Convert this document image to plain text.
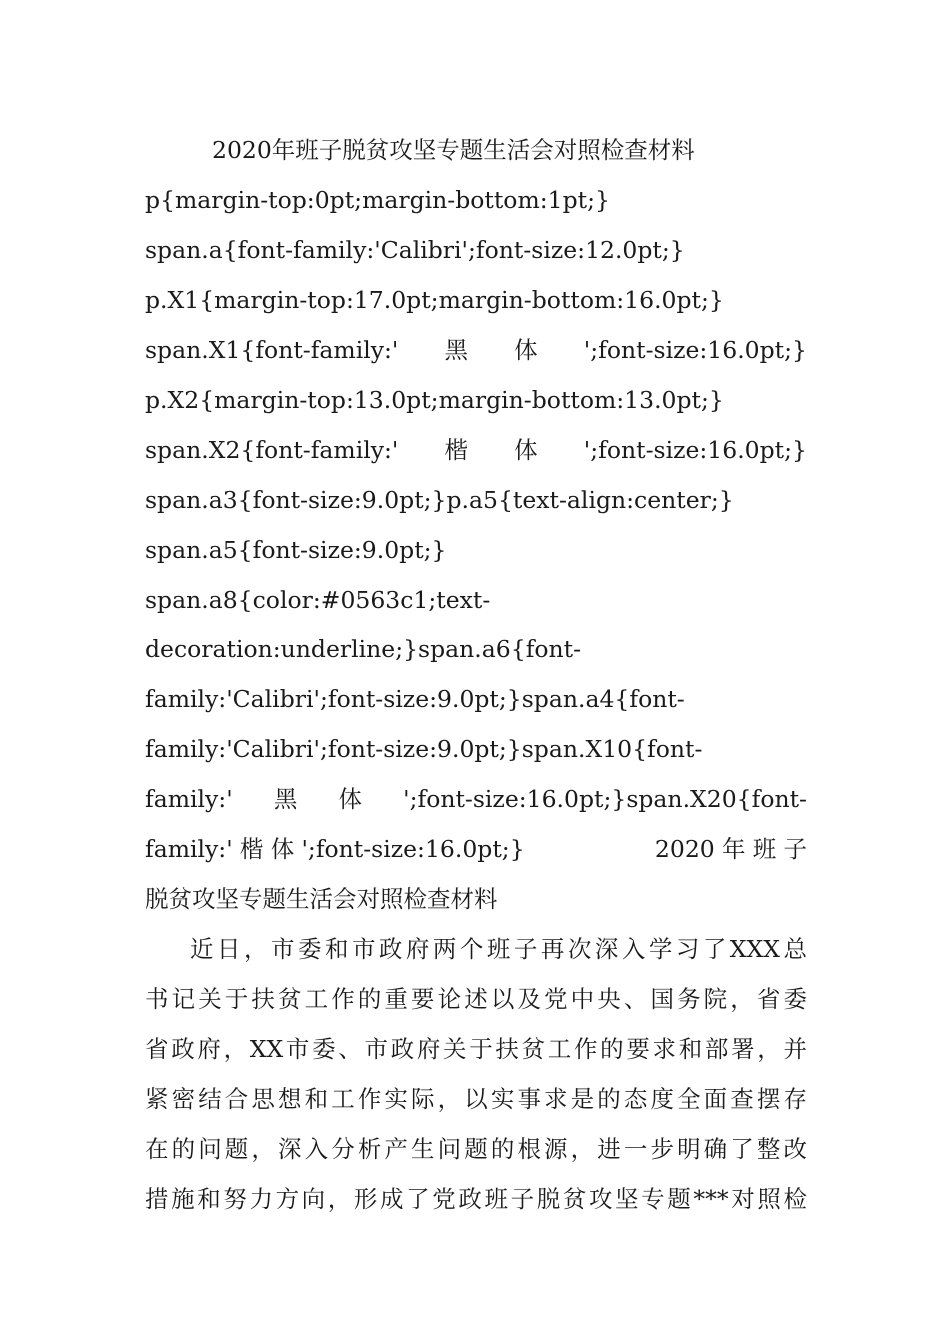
2020年班子脱贫攻坚专题生活会对照检查材料
p{margin-top:0pt;margin-bottom:1pt;}
span.a{font-family:'Calibri';font-size:12.0pt;}
p.X1{margin-top:17.0pt;margin-bottom:16.0pt;}
span.X1{font-family:'　黑　体　';font-size:16.0pt;}
p.X2{margin-top:13.0pt;margin-bottom:13.0pt;}
span.X2{font-family:'　楷　体　';font-size:16.0pt;}
span.a3{font-size:9.0pt;}p.a5{text-align:center;}
span.a5{font-size:9.0pt;}
span.a8{color:#0563c1;text-
decoration:underline;}span.a6{font-
family:'Calibri';font-size:9.0pt;}span.a4{font-
family:'Calibri';font-size:9.0pt;}span.X10{font-
family:'　黑　体　';font-size:16.0pt;}span.X20{font-
family:'楷体';font-size:16.0pt;}　　　　2020年班子
脱贫攻坚专题生活会对照检查材料
近日，市委和市政府两个班子再次深入学习了XXX总
书记关于扶贫工作的重要论述以及党中央、国务院，省委
省政府，XX市委、市政府关于扶贫工作的要求和部署，并
紧密结合思想和工作实际，以实事求是的态度全面查摆存
在的问题，深入分析产生问题的根源，进一步明确了整改
措施和努力方向，形成了党政班子脱贫攻坚专题***对照检
